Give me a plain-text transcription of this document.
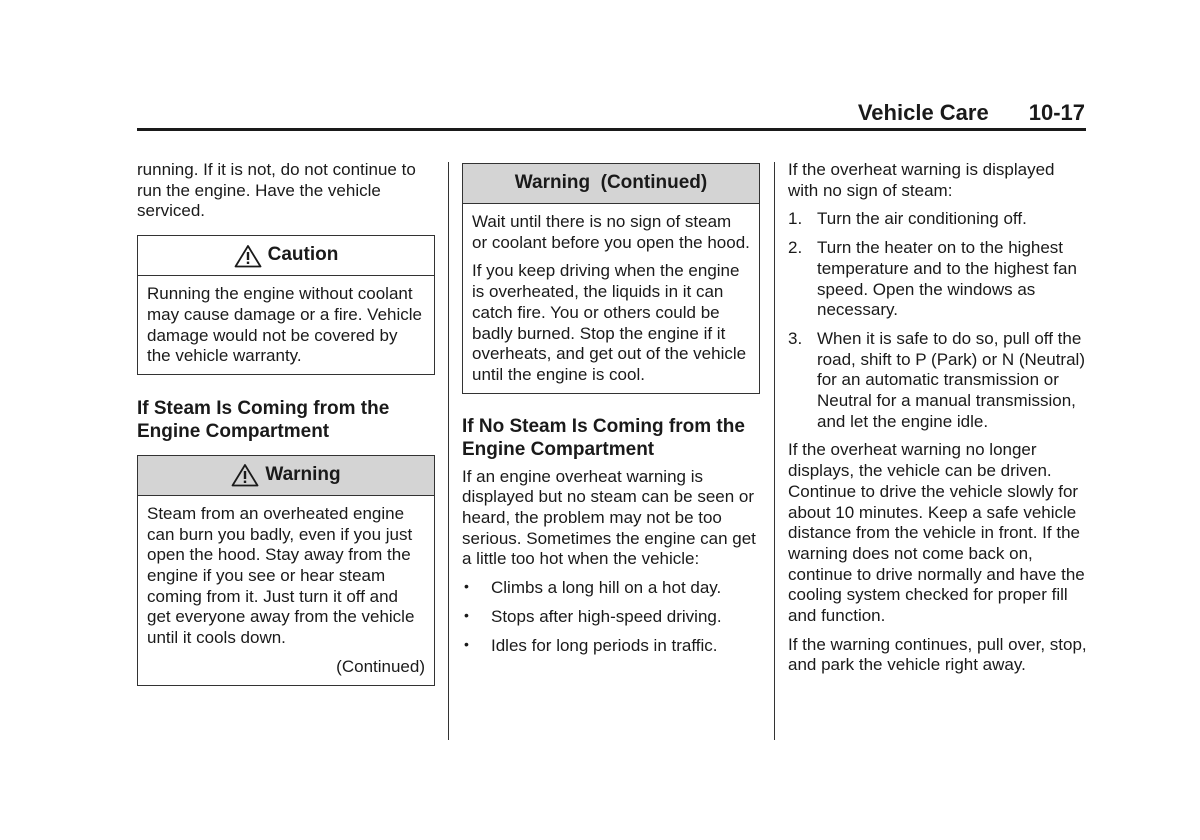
Vehicle Care 10-17

running. If it is not, do not continue to run the engine. Have the vehicle serviced.

Caution

Running the engine without coolant may cause damage or a fire. Vehicle damage would not be covered by the vehicle warranty.

If Steam Is Coming from the Engine Compartment
Warning

Steam from an overheated engine can burn you badly, even if you just open the hood. Stay away from the engine if you see or hear steam coming from it. Just turn it off and get everyone away from the vehicle until it cools down.

(Continued)

Warning  (Continued)

Wait until there is no sign of steam or coolant before you open the hood.

If you keep driving when the engine is overheated, the liquids in it can catch fire. You or others could be badly burned. Stop the engine if it overheats, and get out of the vehicle until the engine is cool.

If No Steam Is Coming from the Engine Compartment

If an engine overheat warning is displayed but no steam can be seen or heard, the problem may not be too serious. Sometimes the engine can get a little too hot when the vehicle:

• Climbs a long hill on a hot day.
• Stops after high-speed driving.
• Idles for long periods in traffic.

If the overheat warning is displayed with no sign of steam:

1. Turn the air conditioning off.
2. Turn the heater on to the highest temperature and to the highest fan speed. Open the windows as necessary.
3. When it is safe to do so, pull off the road, shift to P (Park) or N (Neutral) for an automatic transmission or Neutral for a manual transmission, and let the engine idle.

If the overheat warning no longer displays, the vehicle can be driven. Continue to drive the vehicle slowly for about 10 minutes. Keep a safe vehicle distance from the vehicle in front. If the warning does not come back on, continue to drive normally and have the cooling system checked for proper fill and function.

If the warning continues, pull over, stop, and park the vehicle right away.
